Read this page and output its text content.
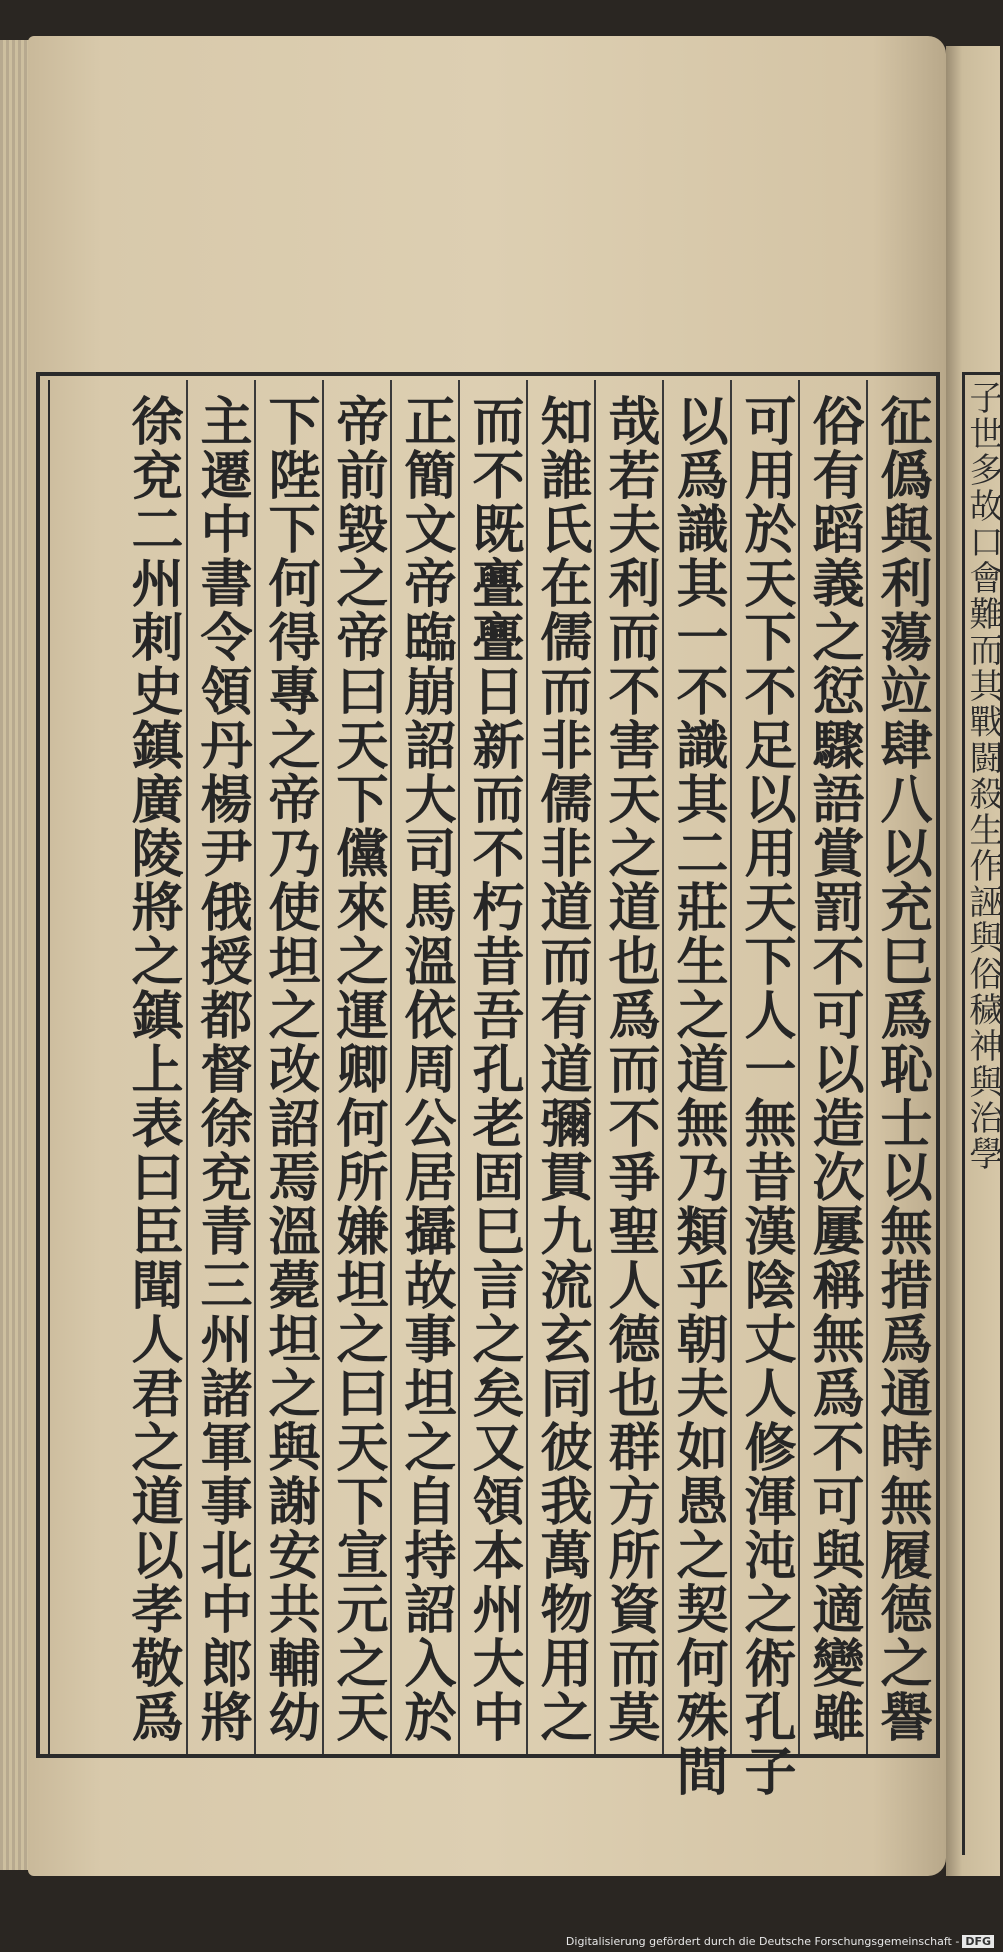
子世多故口會難而其戰闘殺生作誣與俗穢神與治學
征僞與利蕩竝肆八以充巳爲恥士以無措爲通時無履德之譽
俗有蹈義之愆驟語賞罰不可以造次屢稱無爲不可與適變雖
可用於天下不足以用天下人一無昔漢陰丈人修渾沌之術孔子
以爲識其一不識其二莊生之道無乃類乎朝夫如愚之契何殊間
哉若夫利而不害天之道也爲而不爭聖人德也群方所資而莫
知誰氏在儒而非儒非道而有道彌貫九流玄同彼我萬物用之
而不既亹亹日新而不朽昔吾孔老固巳言之矣又領本州大中
正簡文帝臨崩詔大司馬溫依周公居攝故事坦之自持詔入於
帝前毀之帝曰天下儻來之運卿何所嫌坦之曰天下宣元之天
下陛下何得專之帝乃使坦之改詔焉溫薨坦之與謝安共輔幼
主遷中書令領丹楊尹俄授都督徐兗青三州諸軍事北中郎將
徐兗二州刺史鎮廣陵將之鎮上表曰臣聞人君之道以孝敬爲
Digitalisierung gefördert durch die Deutsche Forschungsgemeinschaft - DFG
